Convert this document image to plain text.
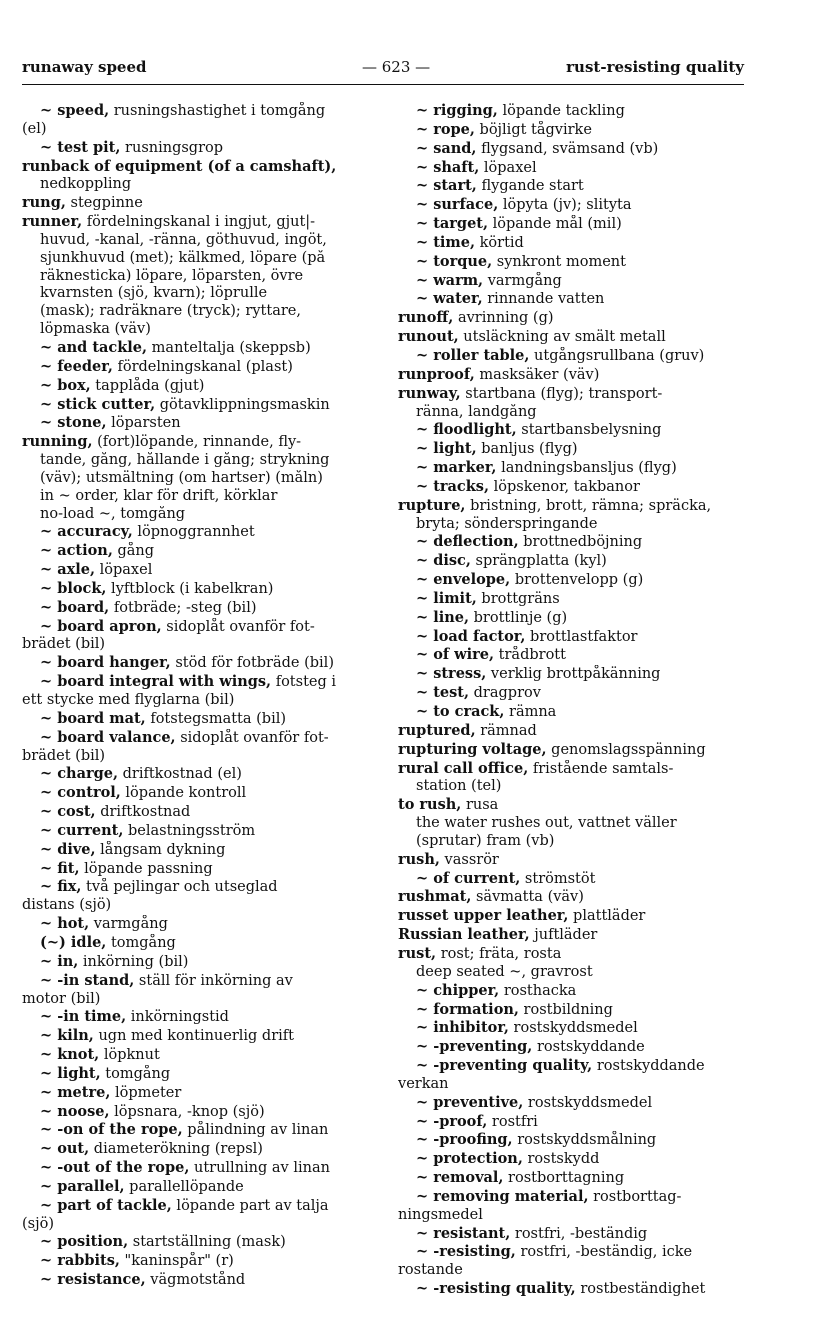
runaway speed	— 623 —	rust-resisting quality
~ speed, rusningshastighet i tomgång
(el)
~ test pit, rusningsgrop
runback of equipment (of a camshaft),
nedkoppling
rung, stegpinne
runner, fördelningskanal i ingjut, gjut|-
huvud, -kanal, -ränna, göthuvud, ingöt,
sjunkhuvud (met); kälkmed, löpare (på
räknesticka) löpare, löparsten, övre
kvarnsten (sjö, kvarn); löprulle
(mask); radräknare (tryck); ryttare,
löpmaska (väv)
~ and tackle, manteltalja (skeppsb)
~ feeder, fördelningskanal (plast)
~ box, tapplåda (gjut)
~ stick cutter, götavklippningsmaskin
~ stone, löparsten
running, (fort)löpande, rinnande, fly-
tande, gång, hållande i gång; strykning
(väv); utsmältning (om hartser) (måln)
in ~ order, klar för drift, körklar
no-load ~, tomgång
~ accuracy, löpnoggrannhet
~ action, gång
~ axle, löpaxel
~ block, lyftblock (i kabelkran)
~ board, fotbräde; -steg (bil)
~ board apron, sidoplåt ovanför fot-
brädet (bil)
~ board hanger, stöd för fotbräde (bil)
~ board integral with wings, fotsteg i
ett stycke med flyglarna (bil)
~ board mat, fotstegsmatta (bil)
~ board valance, sidoplåt ovanför fot-
brädet (bil)
~ charge, driftkostnad (el)
~ control, löpande kontroll
~ cost, driftkostnad
~ current, belastningsström
~ dive, långsam dykning
~ fit, löpande passning
~ fix, två pejlingar och utseglad
distans (sjö)
~ hot, varmgång
(~) idle, tomgång
~ in, inkörning (bil)
~ -in stand, ställ för inkörning av
motor (bil)
~ -in time, inkörningstid
~ kiln, ugn med kontinuerlig drift
~ knot, löpknut
~ light, tomgång
~ metre, löpmeter
~ noose, löpsnara, -knop (sjö)
~ -on of the rope, pålindning av linan
~ out, diameterökning (repsl)
~ -out of the rope, utrullning av linan
~ parallel, parallellöpande
~ part of tackle, löpande part av talja
(sjö)
~ position, startställning (mask)
~ rabbits, "kaninspår" (r)
~ resistance, vägmotstånd
~ rigging, löpande tackling
~ rope, böjligt tågvirke
~ sand, flygsand, svämsand (vb)
~ shaft, löpaxel
~ start, flygande start
~ surface, löpyta (jv); slityta
~ target, löpande mål (mil)
~ time, körtid
~ torque, synkront moment
~ warm, varmgång
~ water, rinnande vatten
runoff, avrinning (g)
runout, utsläckning av smält metall
~ roller table, utgångsrullbana (gruv)
runproof, masksäker (väv)
runway, startbana (flyg); transport-
ränna, landgång
~ floodlight, startbansbelysning
~ light, banljus (flyg)
~ marker, landningsbansljus (flyg)
~ tracks, löpskenor, takbanor
rupture, bristning, brott, rämna; spräcka,
bryta; sönderspringande
~ deflection, brottnedböjning
~ disc, sprängplatta (kyl)
~ envelope, brottenvelopp (g)
~ limit, brottgräns
~ line, brottlinje (g)
~ load factor, brottlastfaktor
~ of wire, trådbrott
~ stress, verklig brottpåkänning
~ test, dragprov
~ to crack, rämna
ruptured, rämnad
rupturing voltage, genomslagsspänning
rural call office, fristående samtals-
station (tel)
to rush, rusa
the water rushes out, vattnet väller
(sprutar) fram (vb)
rush, vassrör
~ of current, strömstöt
rushmat, sävmatta (väv)
russet upper leather, plattläder
Russian leather, juftläder
rust, rost; fräta, rosta
deep seated ~, gravrost
~ chipper, rosthacka
~ formation, rostbildning
~ inhibitor, rostskyddsmedel
~ -preventing, rostskyddande
~ -preventing quality, rostskyddande
verkan
~ preventive, rostskyddsmedel
~ -proof, rostfri
~ -proofing, rostskyddsmålning
~ protection, rostskydd
~ removal, rostborttagning
~ removing material, rostborttag-
ningsmedel
~ resistant, rostfri, -beständig
~ -resisting, rostfri, -beständig, icke
rostande
~ -resisting quality, rostbeständighet
